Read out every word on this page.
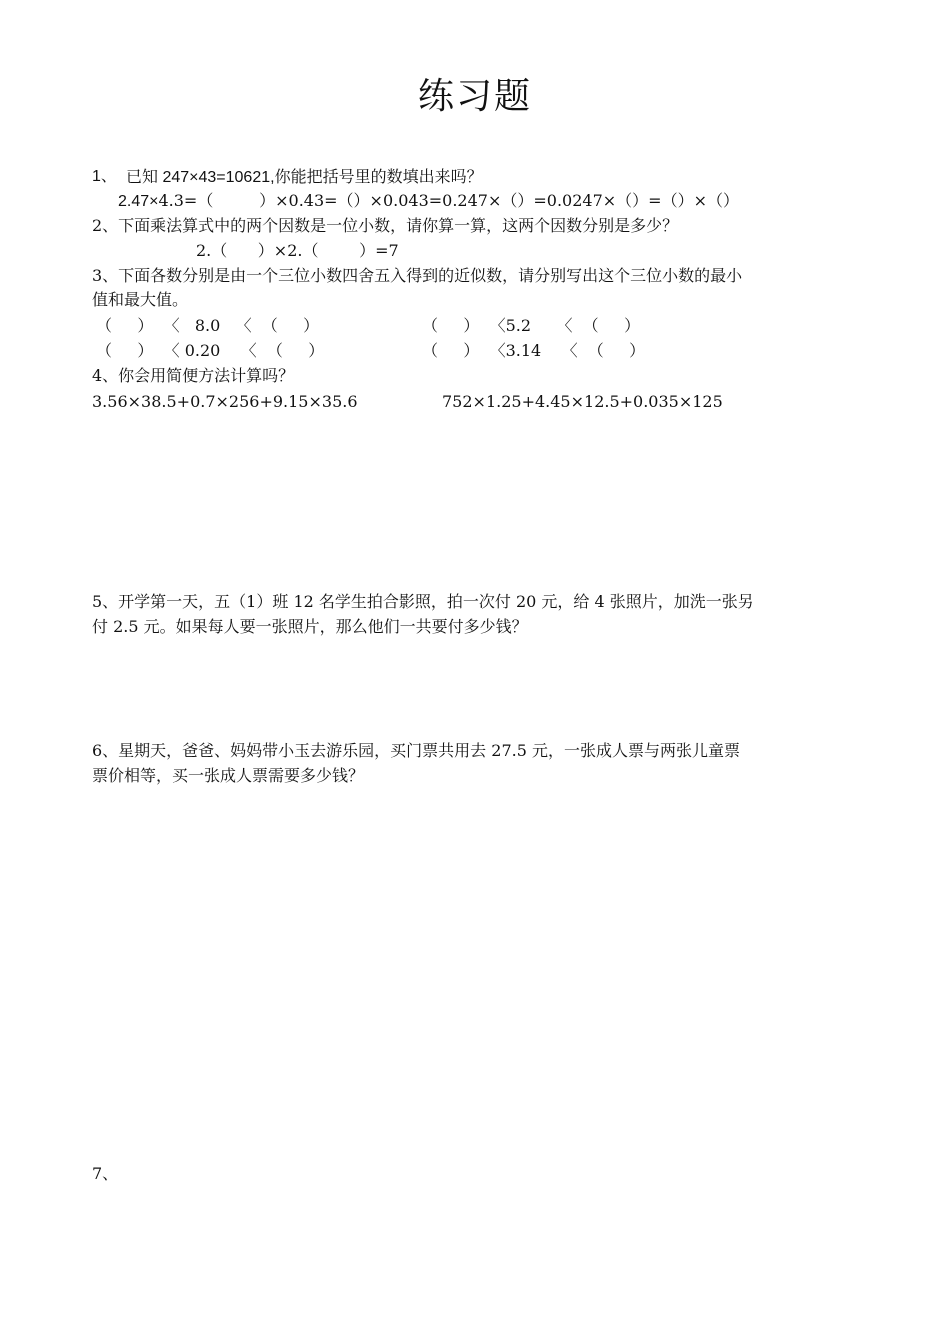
练习题
1、 已知 247×43=10621,你能把括号里的数填出来吗？
2.47×4.3=（         ）×0.43=（）×0.043=0.247×（）=0.0247×（）=（）×（）
2、下面乘法算式中的两个因数是一位小数，请你算一算，这两个因数分别是多少？
2.（      ）×2.（        ）=7
3、下面各数分别是由一个三位小数四舍五入得到的近似数，请分别写出这个三位小数的最小
值和最大值。
（     ）  〈   8.0   〈  （     ）	（     ）  〈5.2     〈  （     ）
（     ）  〈 0.20    〈  （     ）	（     ）  〈3.14    〈  （     ）
4、你会用简便方法计算吗？
3.56×38.5+0.7×256+9.15×35.6	752×1.25+4.45×12.5+0.035×125
5、开学第一天，五（1）班 12 名学生拍合影照，拍一次付 20 元，给 4 张照片，加洗一张另
付 2.5 元。如果每人要一张照片，那么他们一共要付多少钱？
6、星期天，爸爸、妈妈带小玉去游乐园，买门票共用去 27.5 元，一张成人票与两张儿童票
票价相等，买一张成人票需要多少钱？
7、
